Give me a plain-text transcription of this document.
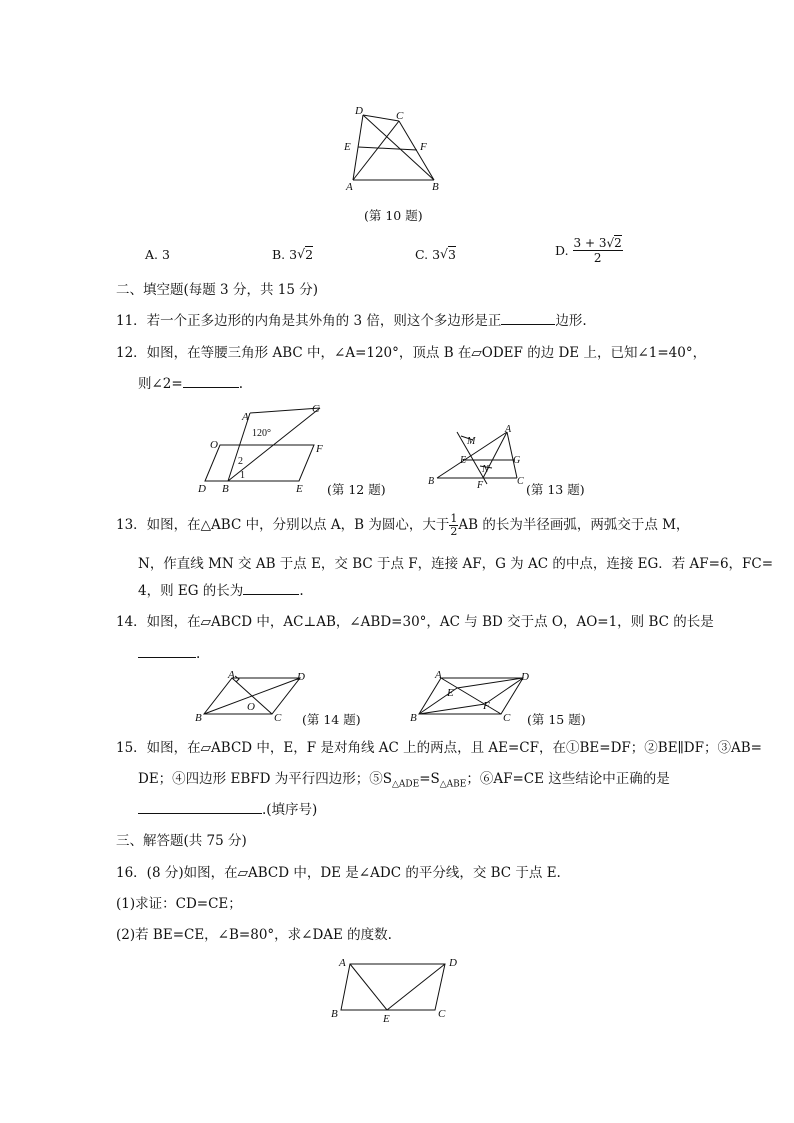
D	C
E	F
A	B
(第 10 题)
A. 3	B. 3√2	C. 3√3	D. $\frac{3 + 3√2}{2}$
二、填空题(每题 3 分，共 15 分)
11．若一个正多边形的内角是其外角的 3 倍，则这个多边形是正	边形.
12．如图，在等腰三角形 ABC 中，∠A=120°，顶点 B 在▱ODEF 的边 DE 上，已知∠1=40°，
则∠2=	.
A
C
120°
O	F
2
1
D B	E (第 12 题)
M
A
E	G
N
B	F	C
(第 13 题)
13．如图，在△ABC 中，分别以点 A，B 为圆心，大于 $\frac{1}{2}$ AB 的长为半径画弧，两弧交于点 M，
N，作直线 MN 交 AB 于点 E，交 BC 于点 F，连接 AF，G 为 AC 的中点，连接 EG．若 AF=6，FC=
4，则 EG 的长为	.
14．如图，在▱ABCD 中，AC⊥AB，∠ABD=30°，AC 与 BD 交于点 O，AO=1，则 BC 的长是
.
A	D
O
B	C (第 14 题)
A	D
E
F
B	C (第 15 题)
15．如图，在▱ABCD 中，E，F 是对角线 AC 上的两点，且 AE=CF，在①BE=DF；②BE∥DF；③AB=
DE；④四边形 EBFD 为平行四边形；$⑤S_{\triangle ADE}=S_{\triangle ABE}$；⑥AF=CE 这些结论中正确的是
.(填序号)
三、解答题(共 75 分)
16．(8 分)如图，在▱ABCD 中，DE 是∠ADC 的平分线，交 BC 于点 E.
(1)求证：CD=CE；
(2)若 BE=CE，∠B=80°，求∠DAE 的度数.
A	D
B	E	C
